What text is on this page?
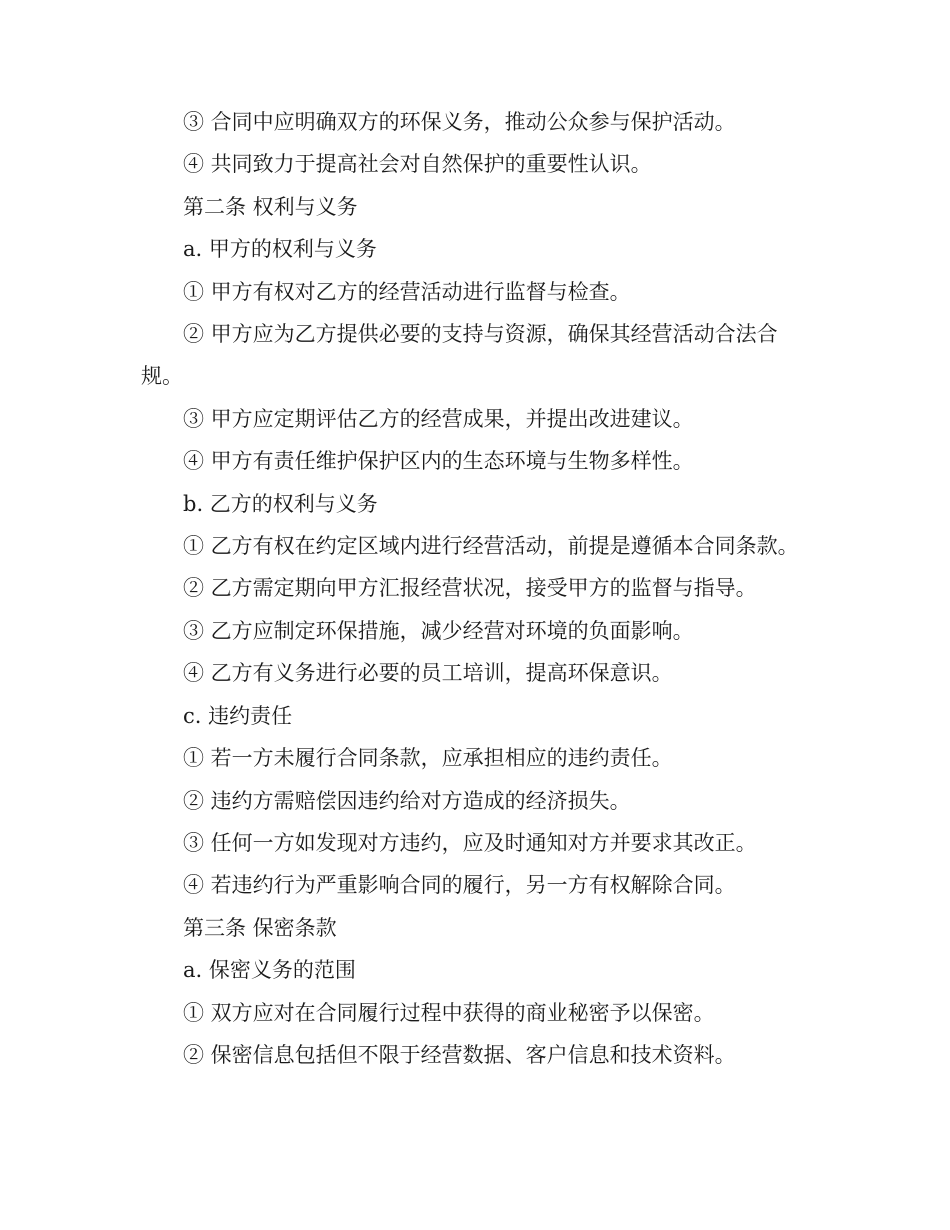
③ 合同中应明确双方的环保义务，推动公众参与保护活动。

④ 共同致力于提高社会对自然保护的重要性认识。

第二条 权利与义务

a. 甲方的权利与义务

① 甲方有权对乙方的经营活动进行监督与检查。

② 甲方应为乙方提供必要的支持与资源，确保其经营活动合法合规。

③ 甲方应定期评估乙方的经营成果，并提出改进建议。

④ 甲方有责任维护保护区内的生态环境与生物多样性。

b. 乙方的权利与义务

① 乙方有权在约定区域内进行经营活动，前提是遵循本合同条款。

② 乙方需定期向甲方汇报经营状况，接受甲方的监督与指导。

③ 乙方应制定环保措施，减少经营对环境的负面影响。

④ 乙方有义务进行必要的员工培训，提高环保意识。

c. 违约责任

① 若一方未履行合同条款，应承担相应的违约责任。

② 违约方需赔偿因违约给对方造成的经济损失。

③ 任何一方如发现对方违约，应及时通知对方并要求其改正。

④ 若违约行为严重影响合同的履行，另一方有权解除合同。

第三条 保密条款

a. 保密义务的范围

① 双方应对在合同履行过程中获得的商业秘密予以保密。

② 保密信息包括但不限于经营数据、客户信息和技术资料。
